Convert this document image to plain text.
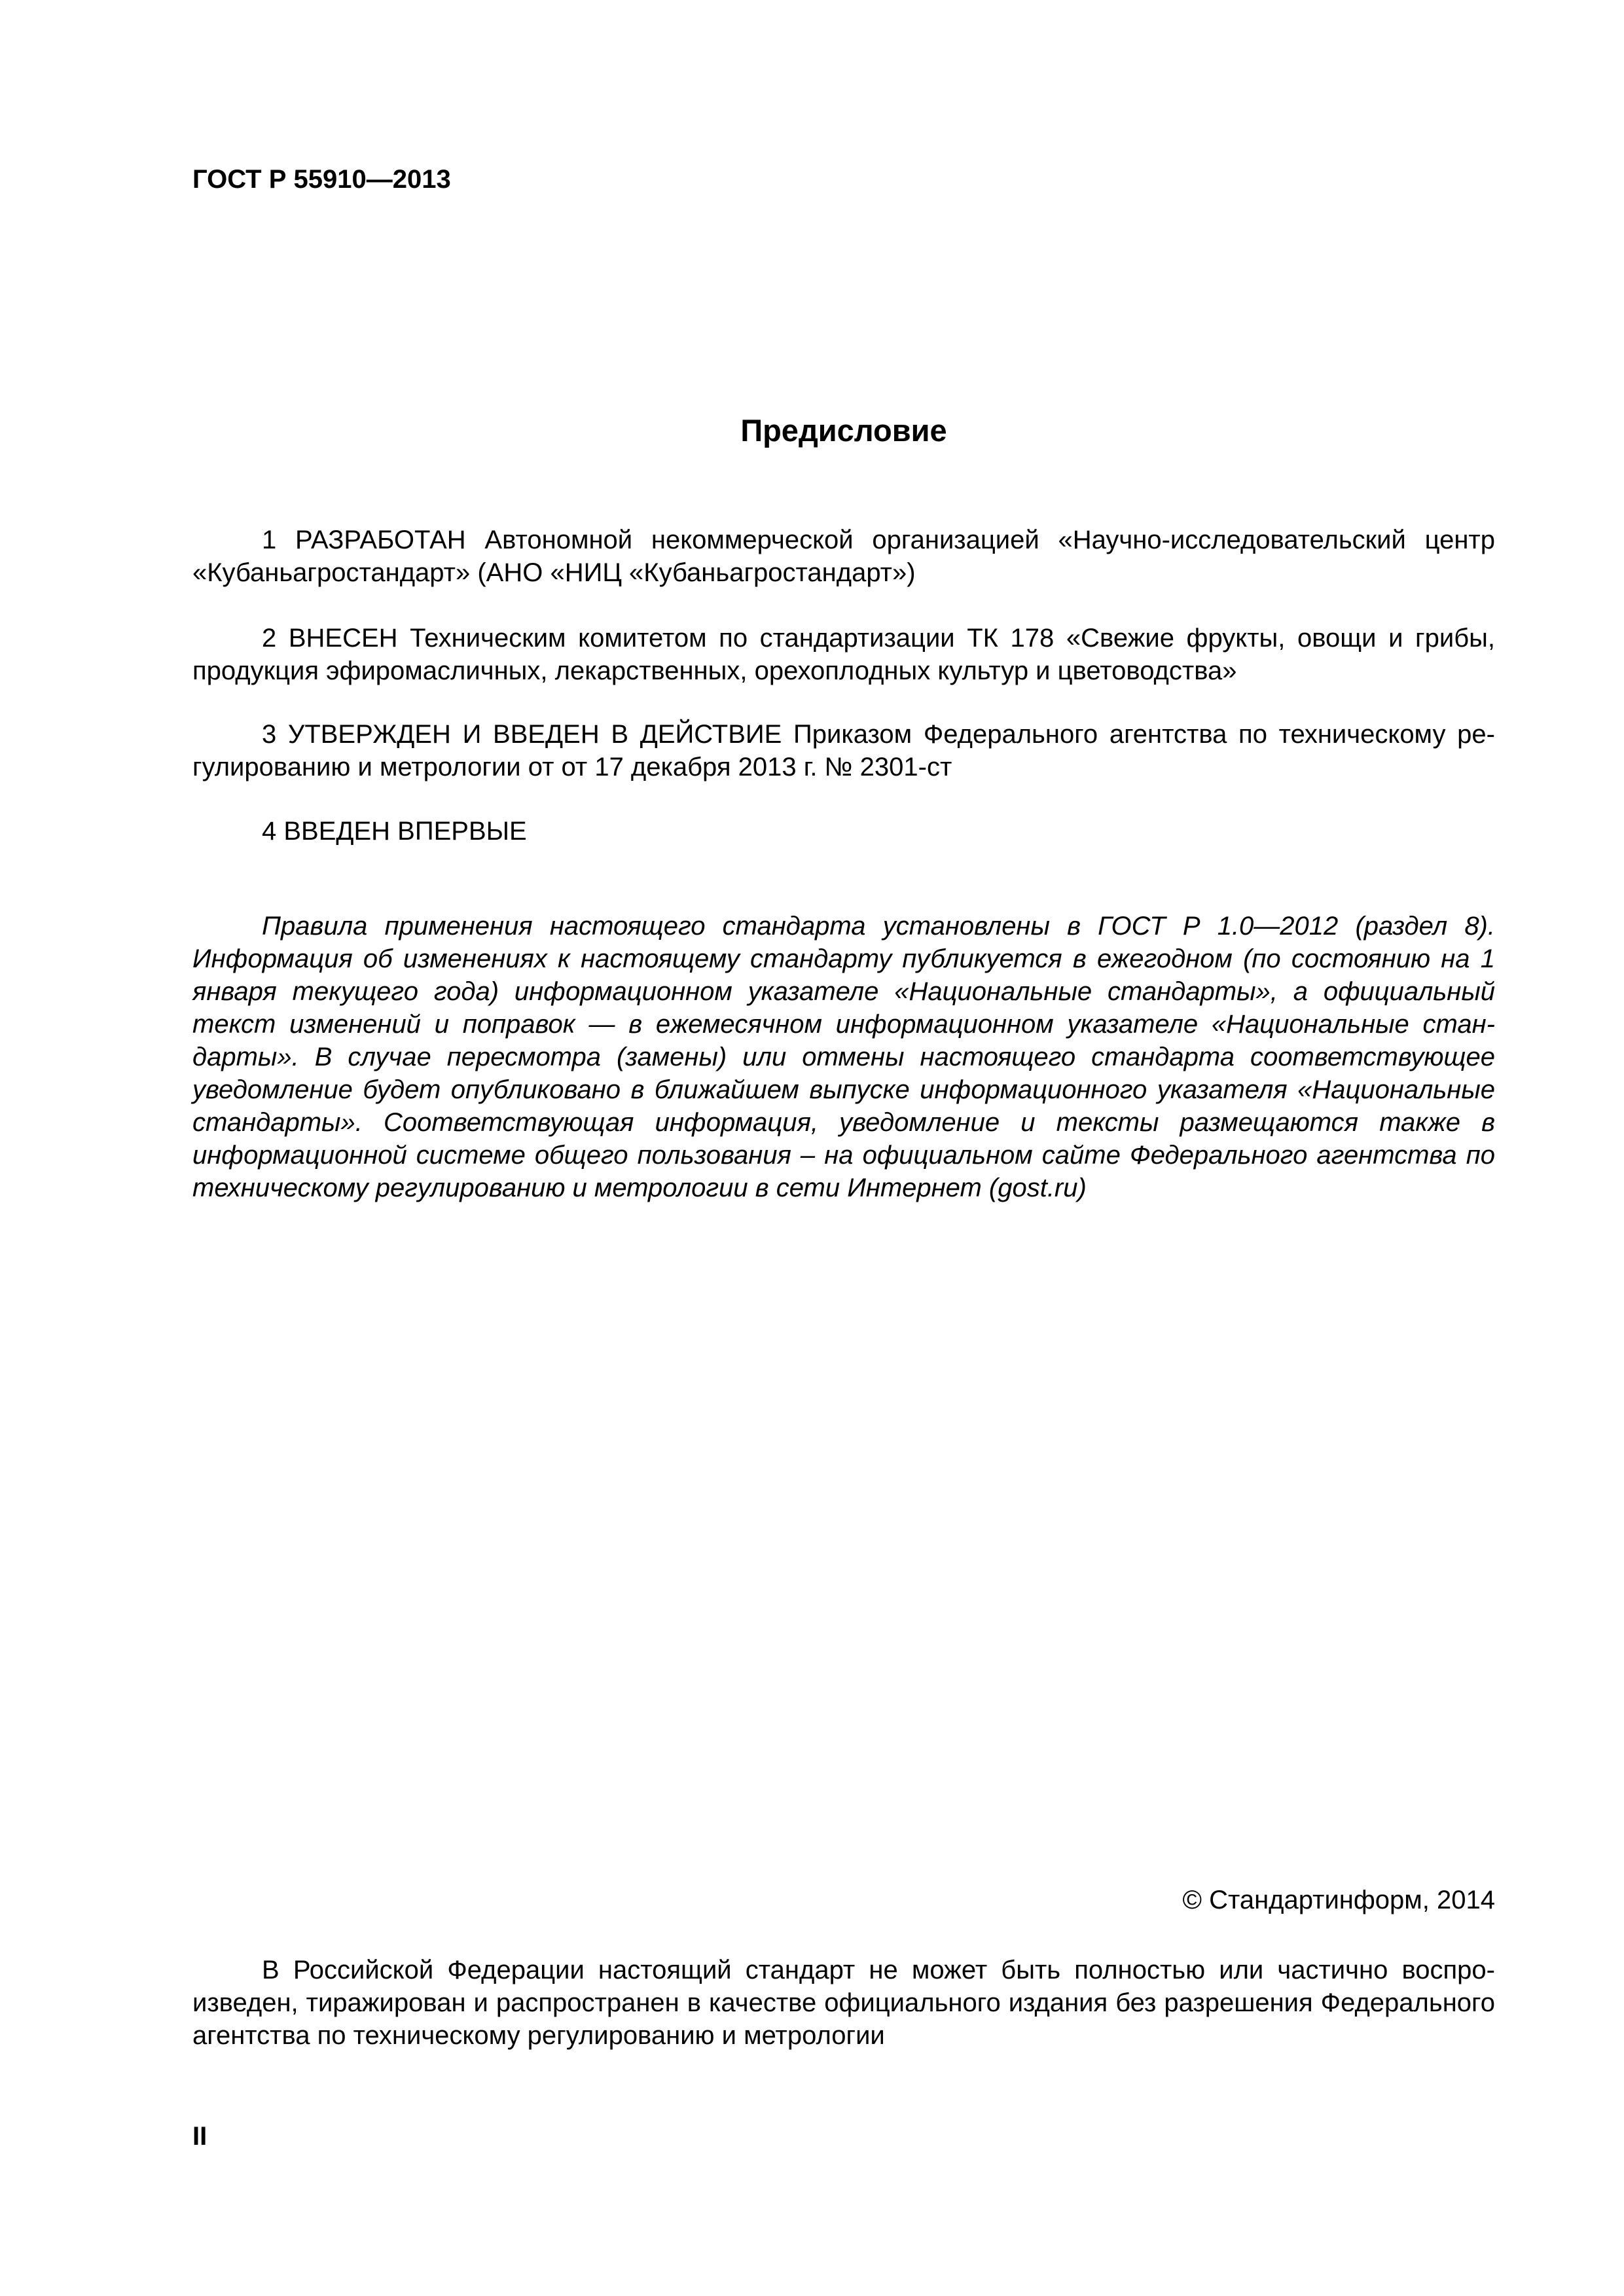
ГОСТ Р 55910—2013
Предисловие

1 РАЗРАБОТАН Автономной некоммерческой организацией «Научно-исследовательский центр «Кубаньагростандарт» (АНО «НИЦ «Кубаньагростандарт»)

2 ВНЕСЕН Техническим комитетом по стандартизации ТК 178 «Свежие фрукты, овощи и грибы, продукция эфиромасличных, лекарственных, орехоплодных культур и цветоводства»

3 УТВЕРЖДЕН И ВВЕДЕН В ДЕЙСТВИЕ Приказом Федерального агентства по техническому регулированию и метрологии от от 17 декабря 2013 г. № 2301-ст

4 ВВЕДЕН ВПЕРВЫЕ

Правила применения настоящего стандарта установлены в ГОСТ Р 1.0—2012 (раздел 8). Информация об изменениях к настоящему стандарту публикуется в ежегодном (по состоянию на 1 января текущего года) информационном указателе «Национальные стандарты», а официальный текст изменений и поправок — в ежемесячном информационном указателе «Национальные стандарты». В случае пересмотра (замены) или отмены настоящего стандарта соответствующее уведомление будет опубликовано в ближайшем выпуске информационного указателя «Национальные стандарты». Соответствующая информация, уведомление и тексты размещаются также в информационной системе общего пользования – на официальном сайте Федерального агентства по техническому регулированию и метрологии в сети Интернет (gost.ru)

© Стандартинформ, 2014

В Российской Федерации настоящий стандарт не может быть полностью или частично воспроизведен, тиражирован и распространен в качестве официального издания без разрешения Федерального агентства по техническому регулированию и метрологии

II
